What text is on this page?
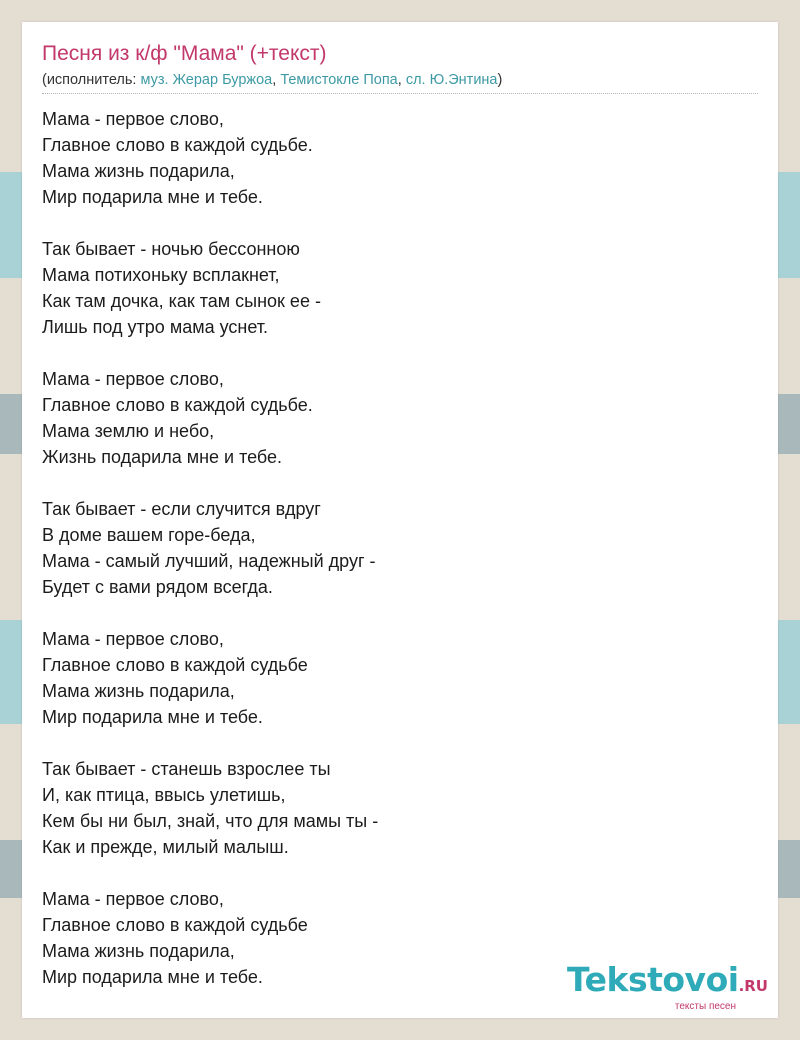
Песня из к/ф "Мама" (+текст)
(исполнитель: муз. Жерар Буржоа, Темистокле Попа, сл. Ю.Энтина)
Мама - первое слово,
Главное слово в каждой судьбе.
Мама жизнь подарила,
Мир подарила мне и тебе.
Так бывает - ночью бессонною
Мама потихоньку всплакнет,
Как там дочка, как там сынок ее -
Лишь под утро мама уснет.
Мама - первое слово,
Главное слово в каждой судьбе.
Мама землю и небо,
Жизнь подарила мне и тебе.
Так бывает - если случится вдруг
В доме вашем горе-беда,
Мама - самый лучший, надежный друг -
Будет с вами рядом всегда.
Мама - первое слово,
Главное слово в каждой судьбе
Мама жизнь подарила,
Мир подарила мне и тебе.
Так бывает - станешь взрослее ты
И, как птица, ввысь улетишь,
Кем бы ни был, знай, что для мамы ты -
Как и прежде, милый малыш.
Мама - первое слово,
Главное слово в каждой судьбе
Мама жизнь подарила,
Мир подарила мне и тебе.	Tekstovoi.RU
тексты песен
